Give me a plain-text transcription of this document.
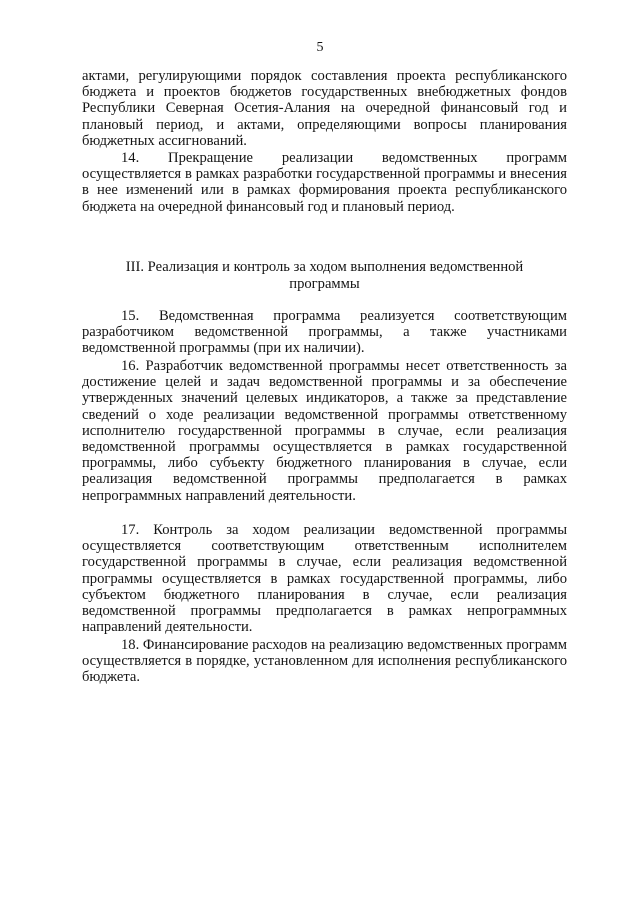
5

актами, регулирующими порядок составления проекта республиканского бюджета и проектов бюджетов государственных внебюджетных фондов Республики Северная Осетия-Алания на очередной финансовый год и плановый период, и актами, определяющими вопросы планирования бюджетных ассигнований.

14. Прекращение реализации ведомственных программ осуществляется в рамках разработки государственной программы и внесения в нее изменений или в рамках формирования проекта республиканского бюджета на очередной финансовый год и плановый период.

III. Реализация и контроль за ходом выполнения ведомственной

программы

15. Ведомственная программа реализуется соответствующим разработчиком ведомственной программы, а также участниками ведомственной программы (при их наличии).

16. Разработчик ведомственной программы несет ответственность за достижение целей и задач ведомственной программы и за обеспечение утвержденных значений целевых индикаторов, а также за представление сведений о ходе реализации ведомственной программы ответственному исполнителю государственной программы в случае, если реализация ведомственной программы осуществляется в рамках государственной программы, либо субъекту бюджетного планирования в случае, если реализация ведомственной программы предполагается в рамках непрограммных направлений деятельности.

17. Контроль за ходом реализации ведомственной программы осуществляется соответствующим ответственным исполнителем государственной программы в случае, если реализация ведомственной программы осуществляется в рамках государственной программы, либо субъектом бюджетного планирования в случае, если реализация ведомственной программы предполагается в рамках непрограммных направлений деятельности.

18. Финансирование расходов на реализацию ведомственных программ осуществляется в порядке, установленном для исполнения республиканского бюджета.
